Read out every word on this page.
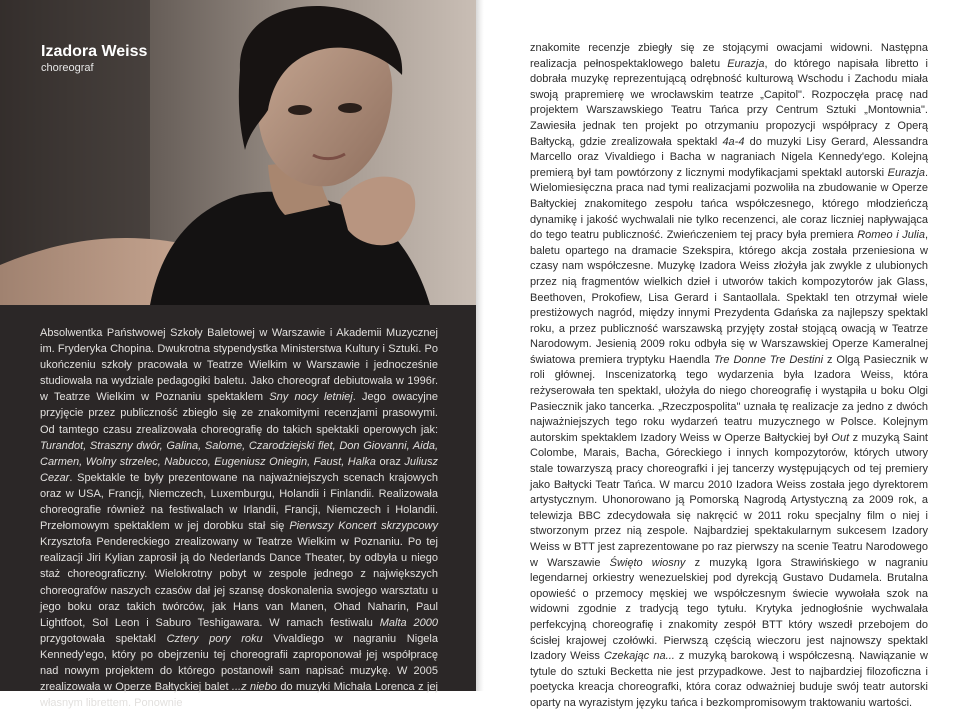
Izadora Weiss
choreograf

Absolwentka Państwowej Szkoły Baletowej w Warszawie i Akademii Muzycznej im. Fryderyka Chopina. Dwukrotna stypendystka Ministerstwa Kultury i Sztuki. Po ukończeniu szkoły pracowała w Teatrze Wielkim w Warszawie i jednocześnie studiowała na wydziale pedagogiki baletu. Jako choreograf debiutowała w 1996r. w Teatrze Wielkim w Poznaniu spektaklem Sny nocy letniej. Jego owacyjne przyjęcie przez publiczność zbiegło się ze znakomitymi recenzjami prasowymi. Od tamtego czasu zrealizowała choreografię do takich spektakli operowych jak: Turandot, Straszny dwór, Galina, Salome, Czarodziejski flet, Don Giovanni, Aida, Carmen, Wolny strzelec, Nabucco, Eugeniusz Oniegin, Faust, Halka oraz Juliusz Cezar. Spektakle te były prezentowane na najważniejszych scenach krajowych oraz w USA, Francji, Niemczech, Luxemburgu, Holandii i Finlandii. Realizowała choreografie również na festiwalach w Irlandii, Francji, Niemczech i Holandii. Przełomowym spektaklem w jej dorobku stał się Pierwszy Koncert skrzypcowy Krzysztofa Pendereckiego zrealizowany w Teatrze Wielkim w Poznaniu. Po tej realizacji Jiri Kylian zaprosił ją do Nederlands Dance Theater, by odbyła u niego staż choreograficzny. Wielokrotny pobyt w zespole jednego z największych choreografów naszych czasów dał jej szansę doskonalenia swojego warsztatu u jego boku oraz takich twórców, jak Hans van Manen, Ohad Naharin, Paul Lightfoot, Sol Leon i Saburo Teshigawara. W ramach festiwalu Malta 2000 przygotowała spektakl Cztery pory roku Vivaldiego w nagraniu Nigela Kennedy'ego, który po obejrzeniu tej choreografii zaproponował jej współpracę nad nowym projektem do którego postanowił sam napisać muzykę. W 2005 zrealizowała w Operze Bałtyckiej balet ...z niebo do muzyki Michała Lorenca z jej własnym librettem. Ponownie

znakomite recenzje zbiegły się ze stojącymi owacjami widowni. Następna realizacja pełnospektaklowego baletu Eurazja, do którego napisała libretto i dobrała muzykę reprezentującą odrębność kulturową Wschodu i Zachodu miała swoją prapremierę we wrocławskim teatrze „Capitol". Rozpoczęła pracę nad projektem Warszawskiego Teatru Tańca przy Centrum Sztuki „Montownia". Zawiesiła jednak ten projekt po otrzymaniu propozycji współpracy z Operą Bałtycką, gdzie zrealizowała spektakl 4a-4 do muzyki Lisy Gerard, Alessandra Marcello oraz Vivaldiego i Bacha w nagraniach Nigela Kennedy'ego. Kolejną premierą był tam powtórzony z licznymi modyfikacjami spektakl autorski Eurazja. Wielomiesięczna praca nad tymi realizacjami pozwoliła na zbudowanie w Operze Bałtyckiej znakomitego zespołu tańca współczesnego, którego młodzieńczą dynamikę i jakość wychwalali nie tylko recenzenci, ale coraz liczniej napływająca do tego teatru publiczność. Zwieńczeniem tej pracy była premiera Romeo i Julia, baletu opartego na dramacie Szekspira, którego akcja została przeniesiona w czasy nam współczesne. Muzykę Izadora Weiss złożyła jak zwykle z ulubionych przez nią fragmentów wielkich dzieł i utworów takich kompozytorów jak Glass, Beethoven, Prokofiew, Lisa Gerard i Santaollala. Spektakl ten otrzymał wiele prestiżowych nagród, między innymi Prezydenta Gdańska za najlepszy spektakl roku, a przez publiczność warszawską przyjęty został stojącą owacją w Teatrze Narodowym. Jesienią 2009 roku odbyła się w Warszawskiej Operze Kameralnej światowa premiera tryptyku Haendla Tre Donne Tre Destini z Olgą Pasiecznik w roli głównej. Inscenizatorką tego wydarzenia była Izadora Weiss, która reżyserowała ten spektakl, ułożyła do niego choreografię i wystąpiła u boku Olgi Pasiecznik jako tancerka. „Rzeczpospolita" uznała tę realizacje za jedno z dwóch najważniejszych tego roku wydarzeń teatru muzycznego w Polsce. Kolejnym autorskim spektaklem Izadory Weiss w Operze Bałtyckiej był Out z muzyką Saint Colombe, Marais, Bacha, Góreckiego i innych kompozytorów, których utwory stale towarzyszą pracy choreografki i jej tancerzy występujących od tej premiery jako Bałtycki Teatr Tańca. W marcu 2010 Izadora Weiss została jego dyrektorem artystycznym. Uhonorowano ją Pomorską Nagrodą Artystyczną za 2009 rok, a telewizja BBC zdecydowała się nakręcić w 2011 roku specjalny film o niej i stworzonym przez nią zespole. Najbardziej spektakularnym sukcesem Izadory Weiss w BTT jest zaprezentowane po raz pierwszy na scenie Teatru Narodowego w Warszawie Święto wiosny z muzyką Igora Strawińskiego w nagraniu legendarnej orkiestry wenezuelskiej pod dyrekcją Gustavo Dudamela. Brutalna opowieść o przemocy męskiej we współczesnym świecie wywołała szok na widowni zgodnie z tradycją tego tytułu. Krytyka jednogłośnie wychwalała perfekcyjną choreografię i znakomity zespół BTT który wszedł przebojem do ścisłej krajowej czołówki. Pierwszą częścią wieczoru jest najnowszy spektakl Izadory Weiss Czekając na... z muzyką barokową i współczesną. Nawiązanie w tytule do sztuki Becketta nie jest przypadkowe. Jest to najbardziej filozoficzna i poetycka kreacja choreografki, która coraz odważniej buduje swój teatr autorski oparty na wyrazistym języku tańca i bezkompromisowym traktowaniu wartości.
